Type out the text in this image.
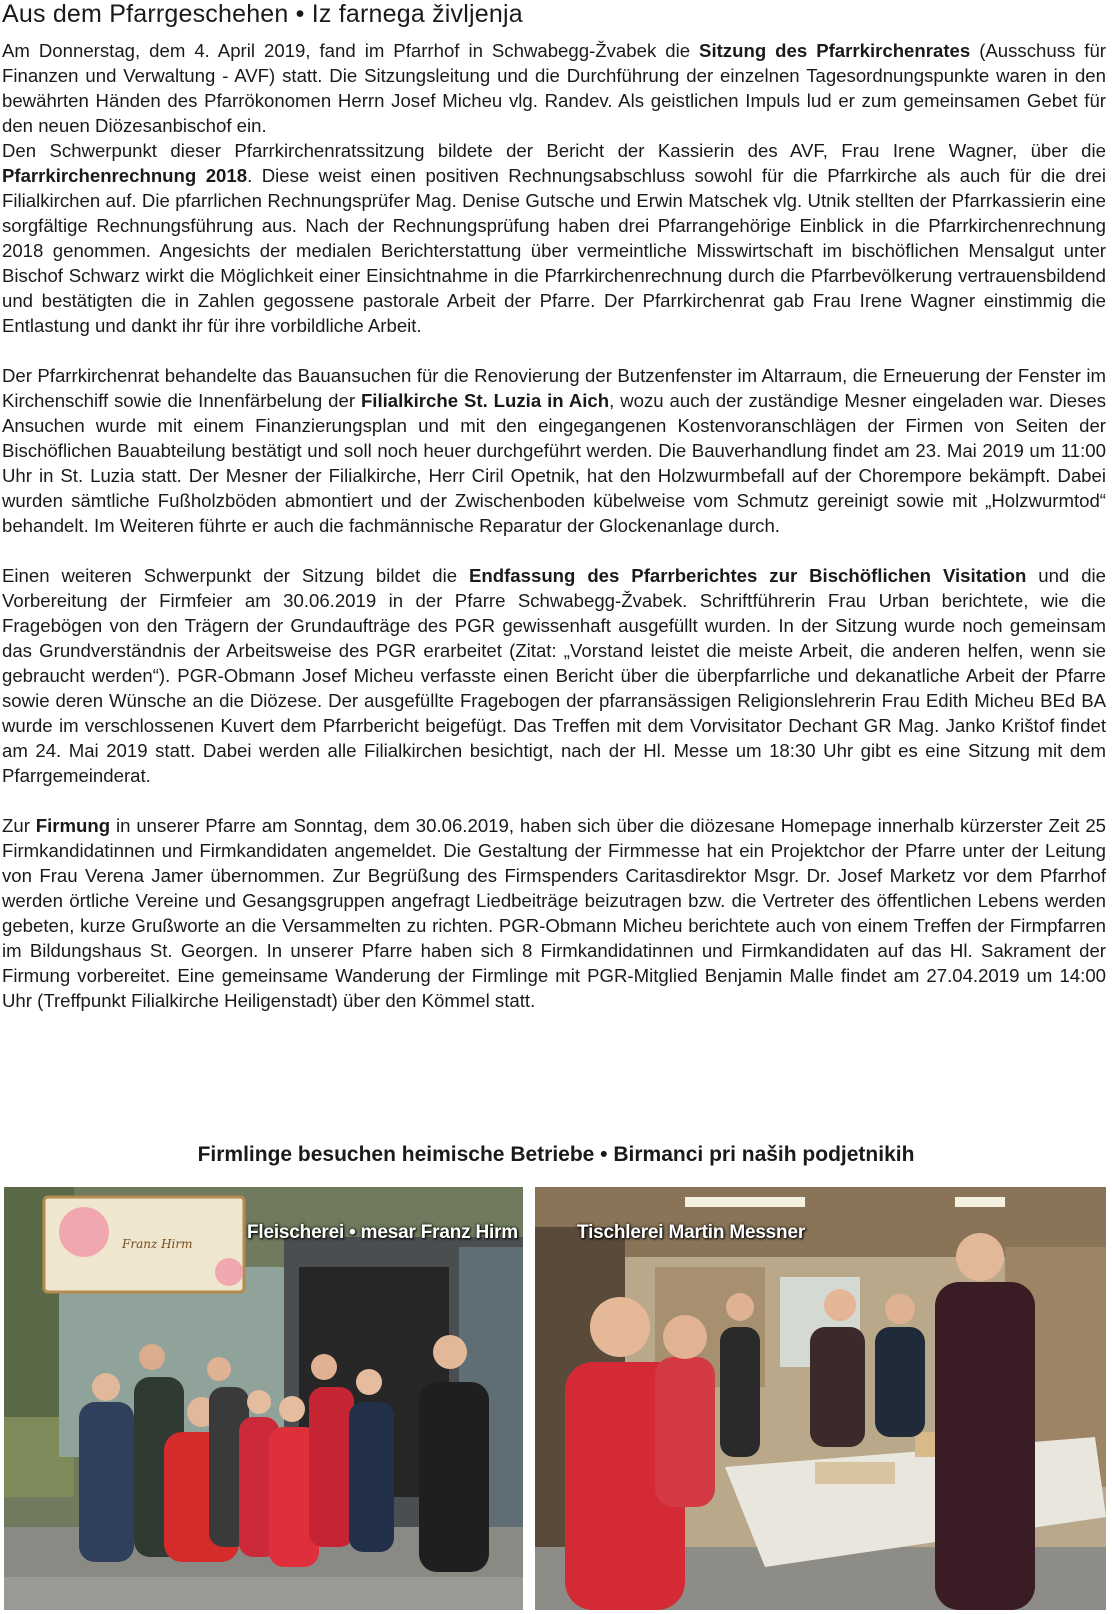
Aus dem Pfarrgeschehen • Iz farnega življenja

Am Donnerstag, dem 4. April 2019, fand im Pfarrhof in Schwabegg-Žvabek die Sitzung des Pfarrkirchenrates (Ausschuss für Finanzen und Verwaltung - AVF) statt. Die Sitzungsleitung und die Durchführung der einzelnen Tagesordnungspunkte waren in den bewährten Händen des Pfarrökonomen Herrn Josef Micheu vlg. Randev. Als geistlichen Impuls lud er zum gemeinsamen Gebet für den neuen Diözesanbischof ein.

Den Schwerpunkt dieser Pfarrkirchenratssitzung bildete der Bericht der Kassierin des AVF, Frau Irene Wagner, über die Pfarrkirchenrechnung 2018. Diese weist einen positiven Rechnungsabschluss sowohl für die Pfarrkirche als auch für die drei Filialkirchen auf. Die pfarrlichen Rechnungsprüfer Mag. Denise Gutsche und Erwin Matschek vlg. Utnik stellten der Pfarrkassierin eine sorgfältige Rechnungsführung aus. Nach der Rechnungsprüfung haben drei Pfarrangehörige Einblick in die Pfarrkirchenrechnung 2018 genommen. Angesichts der medialen Berichterstattung über vermeintliche Misswirtschaft im bischöflichen Mensalgut unter Bischof Schwarz wirkt die Möglichkeit einer Einsichtnahme in die Pfarrkirchenrechnung durch die Pfarrbevölkerung vertrauensbildend und bestätigten die in Zahlen gegossene pastorale Arbeit der Pfarre. Der Pfarrkirchenrat gab Frau Irene Wagner einstimmig die Entlastung und dankt ihr für ihre vorbildliche Arbeit.

Der Pfarrkirchenrat behandelte das Bauansuchen für die Renovierung der Butzenfenster im Altarraum, die Erneuerung der Fenster im Kirchenschiff sowie die Innenfärbelung der Filialkirche St. Luzia in Aich, wozu auch der zuständige Mesner eingeladen war. Dieses Ansuchen wurde mit einem Finanzierungsplan und mit den eingegangenen Kostenvoranschlägen der Firmen von Seiten der Bischöflichen Bauabteilung bestätigt und soll noch heuer durchgeführt werden. Die Bauverhandlung findet am 23. Mai 2019 um 11:00 Uhr in St. Luzia statt. Der Mesner der Filialkirche, Herr Ciril Opetnik, hat den Holzwurmbefall auf der Chorempore bekämpft. Dabei wurden sämtliche Fußholzböden abmontiert und der Zwischenboden kübelweise vom Schmutz gereinigt sowie mit „Holzwurmtod“ behandelt. Im Weiteren führte er auch die fachmännische Reparatur der Glockenanlage durch.

Einen weiteren Schwerpunkt der Sitzung bildet die Endfassung des Pfarrberichtes zur Bischöflichen Visitation und die Vorbereitung der Firmfeier am 30.06.2019 in der Pfarre Schwabegg-Žvabek. Schriftführerin Frau Urban berichtete, wie die Fragebögen von den Trägern der Grundaufträge des PGR gewissenhaft ausgefüllt wurden. In der Sitzung wurde noch gemeinsam das Grundverständnis der Arbeitsweise des PGR erarbeitet (Zitat: „Vorstand leistet die meiste Arbeit, die anderen helfen, wenn sie gebraucht werden“). PGR-Obmann Josef Micheu verfasste einen Bericht über die überpfarrliche und dekanatliche Arbeit der Pfarre sowie deren Wünsche an die Diözese. Der ausgefüllte Fragebogen der pfarransässigen Religionslehrerin Frau Edith Micheu BEd BA wurde im verschlossenen Kuvert dem Pfarrbericht beigefügt. Das Treffen mit dem Vorvisitator Dechant GR Mag. Janko Krištof findet am 24. Mai 2019 statt. Dabei werden alle Filialkirchen besichtigt, nach der Hl. Messe um 18:30 Uhr gibt es eine Sitzung mit dem Pfarrgemeinderat.

Zur Firmung in unserer Pfarre am Sonntag, dem 30.06.2019, haben sich über die diözesane Homepage innerhalb kürzerster Zeit 25 Firmkandidatinnen und Firmkandidaten angemeldet. Die Gestaltung der Firmmesse hat ein Projektchor der Pfarre unter der Leitung von Frau Verena Jamer übernommen. Zur Begrüßung des Firmspenders Caritasdirektor Msgr. Dr. Josef Marketz vor dem Pfarrhof werden örtliche Vereine und Gesangsgruppen angefragt Liedbeiträge beizutragen bzw. die Vertreter des öffentlichen Lebens werden gebeten, kurze Grußworte an die Versammelten zu richten. PGR-Obmann Micheu berichtete auch von einem Treffen der Firmpfarren im Bildungshaus St. Georgen. In unserer Pfarre haben sich 8 Firmkandidatinnen und Firmkandidaten auf das Hl. Sakrament der Firmung vorbereitet. Eine gemeinsame Wanderung der Firmlinge mit PGR-Mitglied Benjamin Malle findet am 27.04.2019 um 14:00 Uhr (Treffpunkt Filialkirche Heiligenstadt) über den Kömmel statt.

Firmlinge besuchen heimische Betriebe • Birmanci pri naših podjetnikih
Franz Hirm
Fleischerei • mesar Franz Hirm	Tischlerei Martin Messner
